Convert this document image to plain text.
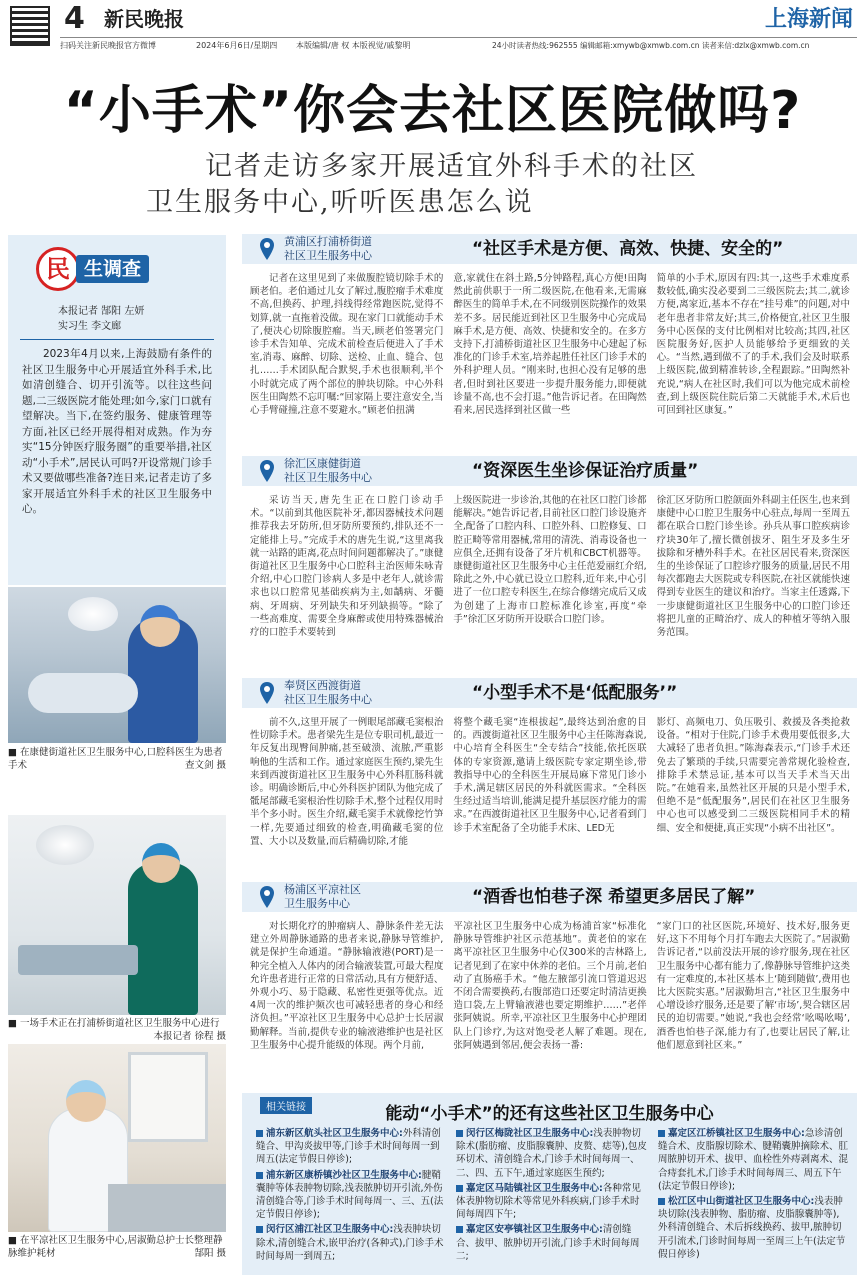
4 新民晚报	上海新闻
扫码关注新民晚报官方微博	2024年6月6日/星期四 本版编辑/唐 权 本版视觉/戚黎明	24小时读者热线:962555 编辑邮箱:xmywb@xmwb.com.cn 读者来信:dzlx@xmwb.com.cn
“小手术”你会去社区医院做吗?
记者走访多家开展适宜外科手术的社区
卫生服务中心,听听医患怎么说
民 生调查
本报记者 郜阳 左妍
实习生 李文廊
2023年4月以来,上海鼓励有条件的社区卫生服务中心开展适宜外科手术,比如清创缝合、切开引流等。以往这些问题,二三级医院才能处理;如今,家门口就有望解决。当下,在签约服务、健康管理等方面,社区已经开展得相对成熟。作为夯实“15分钟医疗服务圈”的重要举措,社区动“小手术”,居民认可吗?开设常规门诊手术又要做哪些准备?连日来,记者走访了多家开展适宜外科手术的社区卫生服务中心。
■ 在康健街道社区卫生服务中心,口腔科医生为患者手术	查文剑 摄
■ 一场手术正在打浦桥街道社区卫生服务中心进行
本报记者 徐程 摄
■ 在平凉社区卫生服务中心,居淑勤总护士长整理静脉维护耗材	郜阳 摄
黄浦区打浦桥街道
社区卫生服务中心	“社区手术是方便、高效、快捷、安全的”

记者在这里见到了来做腹腔镜切除手术的顾老伯。老伯通过儿女了解过,腹腔瘤手术难度不高,但换药、护理,抖线得经常跑医院,觉得不划算,就一直拖着没做。现在家门口就能动手术了,便决心切除腹腔瘤。当天,顾老伯签署完门诊手术告知单、完成术前检查后便进入了手术室,消毒、麻醉、切除、送检、止血、缝合、包扎……手术团队配合默契,手术也很顺利,半个小时就完成了两个部位的肿块切除。中心外科医生田陶然不忘叮嘱:“回家隔上要注意安全,当心手臂碰撞,注意不要避水。”顾老伯扭满

意,家就住在斜土路,5分钟路程,真心方便!田陶然此前供职于一所二级医院,在他看来,无需麻醉医生的简单手术,在不同级别医院操作的效果差不多。居民能近到社区卫生服务中心完成局麻手术,是方便、高效、快捷和安全的。在多方支持下,打浦桥街道社区卫生服务中心建起了标准化的门诊手术室,培养起胜任社区门诊手术的外科护理人员。“刚来时,也担心没有足够的患者,但时到社区要进一步提升服务能力,即便就诊量不高,也不会打退。”他告诉记者。在田陶然看来,居民选择到社区做一些

简单的小手术,原因有四:其一,这些手术难度系数较低,确实没必要到二三级医院去;其二,就诊方便,离家近,基本不存在“挂号难”的问题,对中老年患者非常友好;其三,价格便宜,社区卫生服务中心医保的支付比例相对比较高;其四,社区医院服务好,医护人员能够给予更细致的关心。“当然,遇到做不了的手术,我们会及时联系上级医院,做到精准转诊,全程跟踪。”田陶然补充说,“病人在社区时,我们可以为他完成术前检查,到上级医院住院后第二天就能手术,术后也可回到社区康复。”

徐汇区康健街道
社区卫生服务中心	“资深医生坐诊保证治疗质量”

采访当天,唐先生正在口腔门诊动手术。“以前到其他医院补牙,都因器械技术问题推荐我去牙防所,但牙防所要预约,排队还不一定能排上号。”完成手术的唐先生说,“这里离我就一站路的距离,花点时间问题都解决了。”康健街道社区卫生服务中心口腔科主治医师朱咏青介绍,中心口腔门诊病人多是中老年人,就诊需求也以口腔常见基础疾病为主,如龋病、牙髓病、牙周病、牙列缺失和牙列缺损等。“除了一些高难度、需要全身麻醉或使用特殊器械治疗的口腔手术要转到

上级医院进一步诊治,其他的在社区口腔门诊都能解决。”她告诉记者,目前社区口腔门诊设施齐全,配备了口腔内科、口腔外科、口腔修复、口腔正畸等常用器械,常用的清洗、消毒设备也一应俱全,还拥有设备了牙片机和CBCT机器等。康健街道社区卫生服务中心主任范爱丽红介绍,除此之外,中心就已设立口腔科,近年来,中心引进了一位口腔专科医生,在综合修缮完成后又成为创建了上海市口腔标准化诊室,再度“牵手”徐汇区牙防所开设联合口腔门诊。

徐汇区牙防所口腔颌面外科副主任医生,也来到康健中心口腔卫生服务中心驻点,每周一至周五都在联合口腔门诊坐诊。孙兵从事口腔疾病诊疗块30年了,擅长微创拔牙、阻生牙及多生牙拔除和牙槽外科手术。在社区居民看来,资深医生的坐诊保证了口腔诊疗服务的质量,居民不用每次都跑去大医院或专科医院,在社区就能快速得到专业医生的建议和治疗。当家主任透露,下一步康健街道社区卫生服务中心的口腔门诊还将把儿童的正畸治疗、成人的种植牙等纳入服务范围。

奉贤区西渡街道
社区卫生服务中心	“小型手术不是‘低配服务’”

前不久,这里开展了一例眼尾部藏毛窦根治性切除手术。患者梁先生是位专职司机,最近一年反复出现臀间肿痛,甚至破溃、流脓,严重影响他的生活和工作。通过家庭医生预约,梁先生来到西渡街道社区卫生服务中心外科肛肠科就诊。明确诊断后,中心外科医护团队为他完成了骶尾部藏毛窦根治性切除手术,整个过程仅用时半个多小时。医生介绍,藏毛窦手术就像挖竹笋一样,先要通过细致的检查,明确藏毛窦的位置、大小以及数量,而后精确切除,才能

将整个藏毛窦“连根拔起”,最终达到治愈的目的。西渡街道社区卫生服务中心主任陈海森说,中心培育全科医生“全专结合”技能,依托医联体的专家资源,邀请上级医院专家定期坐诊,带教指导中心的全科医生开展局麻下常见门诊小手术,满足辖区居民的外科就医需求。“全科医生经过适当培训,能满足提升基层医疗能力的需求。”在西渡街道社区卫生服务中心,记者看到门诊手术室配备了全功能手术床、LED无

影灯、高频电刀、负压吸引、救援及各类抢救设备。“相对于住院,门诊手术费用要低很多,大大减轻了患者负担。”陈海森表示,“门诊手术还免去了繁琐的手续,只需要完善常规化验检查,排除手术禁忌证,基本可以当天手术当天出院。”在她看来,虽然社区开展的只是小型手术,但绝不是“低配服务”,居民们在社区卫生服务中心也可以感受到二三级医院相同手术的精细、安全和便捷,真正实现“小病不出社区”。

杨浦区平凉社区
卫生服务中心	“酒香也怕巷子深 希望更多居民了解”

对长期化疗的肿瘤病人、静脉条件差无法建立外周静脉通路的患者来说,静脉导管维护,就是保护生命通道。“静脉输液港(PORT)是一种完全植入人体内的闭合输液装置,可最大程度允许患者进行正常的日常活动,具有方便舒适、外观小巧、易于隐藏、私密性更强等优点。近4周一次的维护频次也可减轻患者的身心和经济负担。”平凉社区卫生服务中心总护士长居淑勤解释。当前,提供专业的输液港维护也是社区卫生服务中心提升能级的体现。两个月前,

平凉社区卫生服务中心成为杨浦首家“标准化静脉导管维护社区示范基地”。黄老伯的家在离平凉社区卫生服务中心仅300米的吉林路上,记者见到了在家中休养的老伯。三个月前,老伯动了直肠癌手术。“他左腋部引流口管道迟迟不闭合需要换药,右腹部造口还要定时清洁更换造口袋,左上臂输液港也要定期维护……”老伴张阿姨说。所幸,平凉社区卫生服务中心护理团队上门诊疗,为这对饱受老人解了难题。现在,张阿姨遇到邻居,便会表扬一番:

“家门口的社区医院,环境好、技术好,服务更好,这下不用每个月打车跑去大医院了。”居淑勤告诉记者,“以前没法开展的诊疗服务,现在社区卫生服务中心都有能力了,像静脉导管维护这类有一定难度的,本社区基本上‘随到随做’,费用也比大医院实惠。”居淑勤坦言,“社区卫生服务中心增设诊疗服务,还是要了解‘市场’,契合辖区居民的迫切需要。”她说,“我也会经常‘吆喝吆喝’,酒香也怕巷子深,能力有了,也要让居民了解,让他们愿意到社区来。”

相关链接	能动“小手术”的还有这些社区卫生服务中心
浦东新区航头社区卫生服务中心:外科清创缝合、甲沟炎拔甲等,门诊手术时间每周一到周五(法定节假日停诊);
浦东新区康桥镇沙社区卫生服务中心:腱鞘囊肿等体表肿物切除,浅表脓肿切开引流,外伤清创缝合等,门诊手术时间每周一、三、五(法定节假日停诊);
闵行区浦江社区卫生服务中心:浅表肿块切除术,清创缝合术,嵌甲治疗(各种式),门诊手术时间每周一到周五;
闵行区梅陇社区卫生服务中心:浅表肿物切除术(脂肪瘤、皮脂腺囊肿、皮赘、痣等),包皮环切术、清创缝合术,门诊手术时间每周一、二、四、五下午,通过家庭医生预约;
嘉定区马陆镇社区卫生服务中心:各种常见体表肿物切除术等常见外科疾病,门诊手术时间每周四下午;
嘉定区安亭镇社区卫生服务中心:清创缝合、拔甲、脓肿切开引流,门诊手术时间每周二;
嘉定区江桥镇社区卫生服务中心:急诊清创缝合术、皮脂腺切除术、腱鞘囊肿摘除术、肛周脓肿切开术、拔甲、血栓性外痔剥离术、混合痔套扎术,门诊手术时间每周三、周五下午(法定节假日停诊);
松江区中山街道社区卫生服务中心:浅表肿块切除(浅表肿物、脂肪瘤、皮脂腺囊肿等),外科清创缝合、术后拆线换药、拔甲,脓肿切开引流术,门诊时间每周一至周三上午(法定节假日停诊)
